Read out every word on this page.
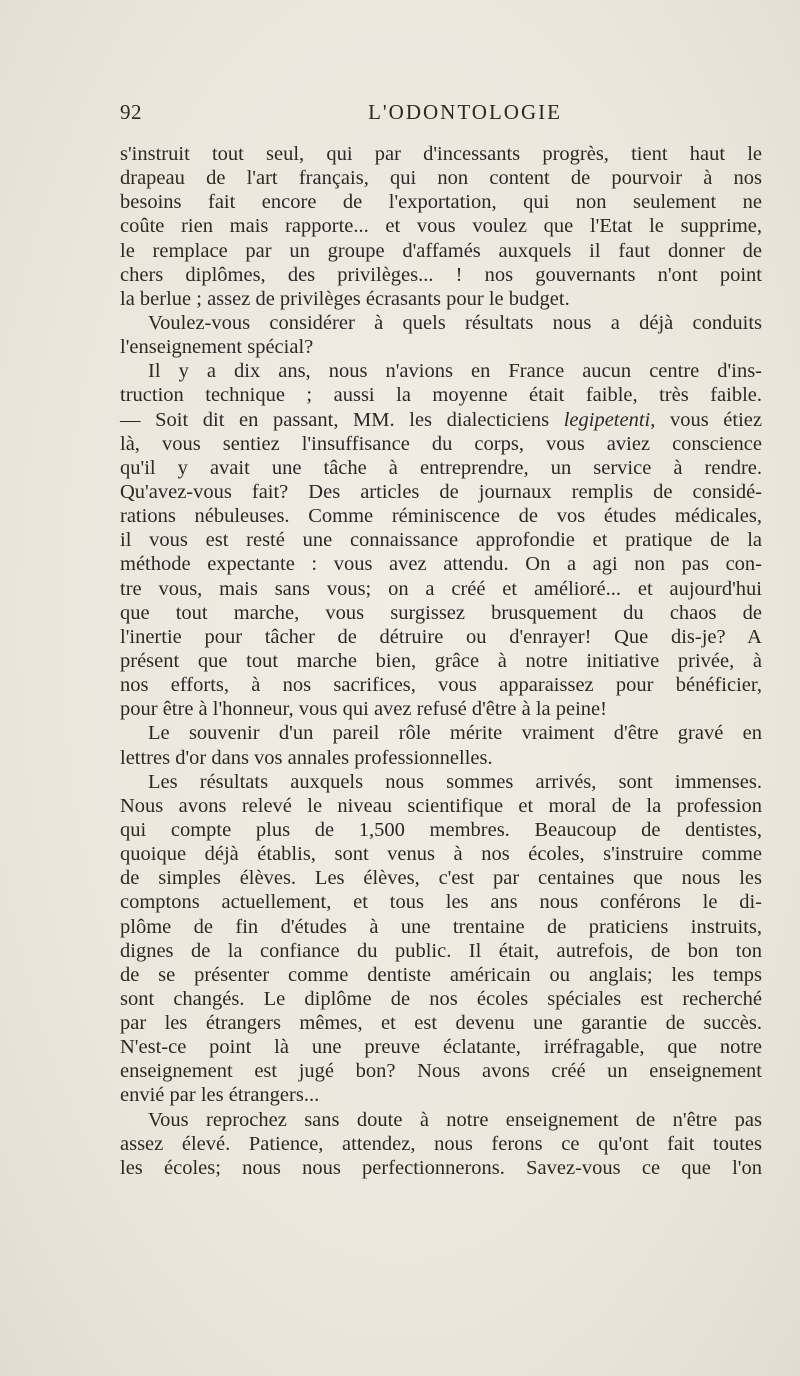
92	L'ODONTOLOGIE
s'instruit tout seul, qui par d'incessants progrès, tient haut le
drapeau de l'art français, qui non content de pourvoir à nos
besoins fait encore de l'exportation, qui non seulement ne
coûte rien mais rapporte... et vous voulez que l'Etat le supprime,
le remplace par un groupe d'affamés auxquels il faut donner de
chers diplômes, des privilèges... ! nos gouvernants n'ont point
la berlue ; assez de privilèges écrasants pour le budget.
Voulez-vous considérer à quels résultats nous a déjà conduits
l'enseignement spécial?
Il y a dix ans, nous n'avions en France aucun centre d'ins-
truction technique ; aussi la moyenne était faible, très faible.
— Soit dit en passant, MM. les dialecticiens legipetenti, vous étiez
là, vous sentiez l'insuffisance du corps, vous aviez conscience
qu'il y avait une tâche à entreprendre, un service à rendre.
Qu'avez-vous fait? Des articles de journaux remplis de considé-
rations nébuleuses. Comme réminiscence de vos études médicales,
il vous est resté une connaissance approfondie et pratique de la
méthode expectante : vous avez attendu. On a agi non pas con-
tre vous, mais sans vous; on a créé et amélioré... et aujourd'hui
que tout marche, vous surgissez brusquement du chaos de
l'inertie pour tâcher de détruire ou d'enrayer! Que dis-je? A
présent que tout marche bien, grâce à notre initiative privée, à
nos efforts, à nos sacrifices, vous apparaissez pour bénéficier,
pour être à l'honneur, vous qui avez refusé d'être à la peine!
Le souvenir d'un pareil rôle mérite vraiment d'être gravé en
lettres d'or dans vos annales professionnelles.
Les résultats auxquels nous sommes arrivés, sont immenses.
Nous avons relevé le niveau scientifique et moral de la profession
qui compte plus de 1,500 membres. Beaucoup de dentistes,
quoique déjà établis, sont venus à nos écoles, s'instruire comme
de simples élèves. Les élèves, c'est par centaines que nous les
comptons actuellement, et tous les ans nous conférons le di-
plôme de fin d'études à une trentaine de praticiens instruits,
dignes de la confiance du public. Il était, autrefois, de bon ton
de se présenter comme dentiste américain ou anglais; les temps
sont changés. Le diplôme de nos écoles spéciales est recherché
par les étrangers mêmes, et est devenu une garantie de succès.
N'est-ce point là une preuve éclatante, irréfragable, que notre
enseignement est jugé bon? Nous avons créé un enseignement
envié par les étrangers...
Vous reprochez sans doute à notre enseignement de n'être pas
assez élevé. Patience, attendez, nous ferons ce qu'ont fait toutes
les écoles; nous nous perfectionnerons. Savez-vous ce que l'on
